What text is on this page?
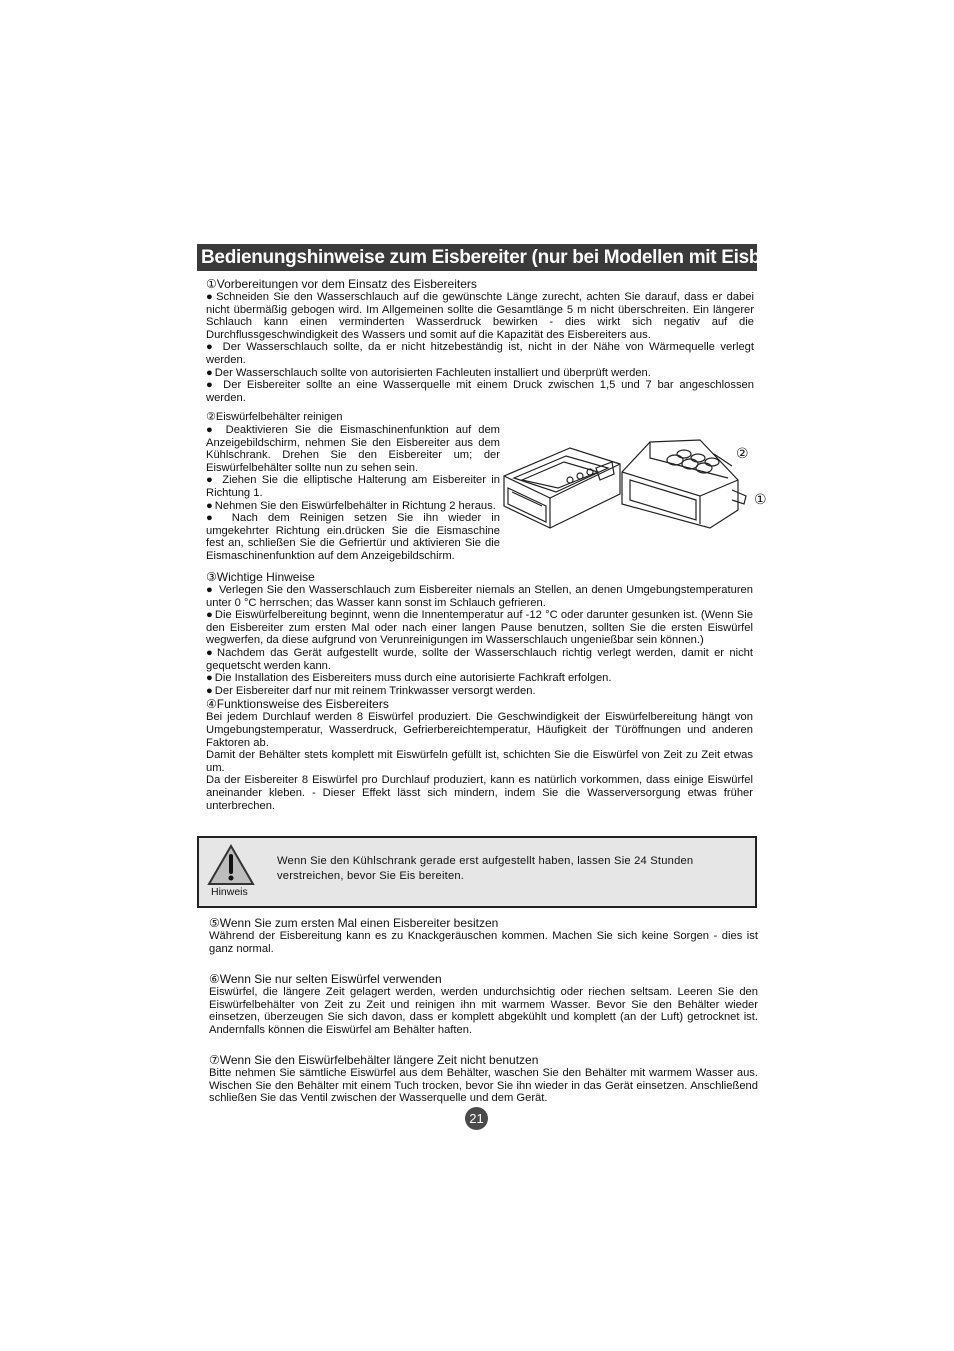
Bedienungshinweise zum Eisbereiter (nur bei Modellen mit Eisbereiter)
①Vorbereitungen vor dem Einsatz des Eisbereiters

● Schneiden Sie den Wasserschlauch auf die gewünschte Länge zurecht, achten Sie darauf, dass er dabei nicht übermäßig gebogen wird. Im Allgemeinen sollte die Gesamtlänge 5 m nicht überschreiten. Ein längerer Schlauch kann einen verminderten Wasserdruck bewirken - dies wirkt sich negativ auf die Durchflussgeschwindigkeit des Wassers und somit auf die Kapazität des Eisbereiters aus.

● Der Wasserschlauch sollte, da er nicht hitzebeständig ist, nicht in der Nähe von Wärmequelle verlegt werden.

● Der Wasserschlauch sollte von autorisierten Fachleuten installiert und überprüft werden.

● Der Eisbereiter sollte an eine Wasserquelle mit einem Druck zwischen 1,5 und 7 bar angeschlossen werden.

②Eiswürfelbehälter reinigen

● Deaktivieren Sie die Eismaschinenfunktion auf dem Anzeigebildschirm, nehmen Sie den Eisbereiter aus dem Kühlschrank. Drehen Sie den Eisbereiter um; der Eiswürfelbehälter sollte nun zu sehen sein.

● Ziehen Sie die elliptische Halterung am Eisbereiter in Richtung 1.

● Nehmen Sie den Eiswürfelbehälter in Richtung 2 heraus.

● Nach dem Reinigen setzen Sie ihn wieder in umgekehrter Richtung ein.drücken Sie die Eismaschine fest an, schließen Sie die Gefriertür und aktivieren Sie die Eismaschinenfunktion auf dem Anzeigebildschirm.

②
①
③Wichtige Hinweise

● Verlegen Sie den Wasserschlauch zum Eisbereiter niemals an Stellen, an denen Umgebungstemperaturen unter 0 °C herrschen; das Wasser kann sonst im Schlauch gefrieren.

● Die Eiswürfelbereitung beginnt, wenn die Innentemperatur auf -12 °C oder darunter gesunken ist. (Wenn Sie den Eisbereiter zum ersten Mal oder nach einer langen Pause benutzen, sollten Sie die ersten Eiswürfel wegwerfen, da diese aufgrund von Verunreinigungen im Wasserschlauch ungenießbar sein können.)

● Nachdem das Gerät aufgestellt wurde, sollte der Wasserschlauch richtig verlegt werden, damit er nicht gequetscht werden kann.

● Die Installation des Eisbereiters muss durch eine autorisierte Fachkraft erfolgen.

● Der Eisbereiter darf nur mit reinem Trinkwasser versorgt werden.

④Funktionsweise des Eisbereiters

Bei jedem Durchlauf werden 8 Eiswürfel produziert. Die Geschwindigkeit der Eiswürfelbereitung hängt von Umgebungstemperatur, Wasserdruck, Gefrierbereichtemperatur, Häufigkeit der Türöffnungen und anderen Faktoren ab.

Damit der Behälter stets komplett mit Eiswürfeln gefüllt ist, schichten Sie die Eiswürfel von Zeit zu Zeit etwas um.

Da der Eisbereiter 8 Eiswürfel pro Durchlauf produziert, kann es natürlich vorkommen, dass einige Eiswürfel aneinander kleben. - Dieser Effekt lässt sich mindern, indem Sie die Wasserversorgung etwas früher unterbrechen.

Hinweis
Wenn Sie den Kühlschrank gerade erst aufgestellt haben, lassen Sie 24 Stunden verstreichen, bevor Sie Eis bereiten.
⑤Wenn Sie zum ersten Mal einen Eisbereiter besitzen

Während der Eisbereitung kann es zu Knackgeräuschen kommen. Machen Sie sich keine Sorgen - dies ist ganz normal.

⑥Wenn Sie nur selten Eiswürfel verwenden

Eiswürfel, die längere Zeit gelagert werden, werden undurchsichtig oder riechen seltsam. Leeren Sie den Eiswürfelbehälter von Zeit zu Zeit und reinigen ihn mit warmem Wasser. Bevor Sie den Behälter wieder einsetzen, überzeugen Sie sich davon, dass er komplett abgekühlt und komplett (an der Luft) getrocknet ist. Andernfalls können die Eiswürfel am Behälter haften.

⑦Wenn Sie den Eiswürfelbehälter längere Zeit nicht benutzen

Bitte nehmen Sie sämtliche Eiswürfel aus dem Behälter, waschen Sie den Behälter mit warmem Wasser aus. Wischen Sie den Behälter mit einem Tuch trocken, bevor Sie ihn wieder in das Gerät einsetzen. Anschließend schließen Sie das Ventil zwischen der Wasserquelle und dem Gerät.

21
